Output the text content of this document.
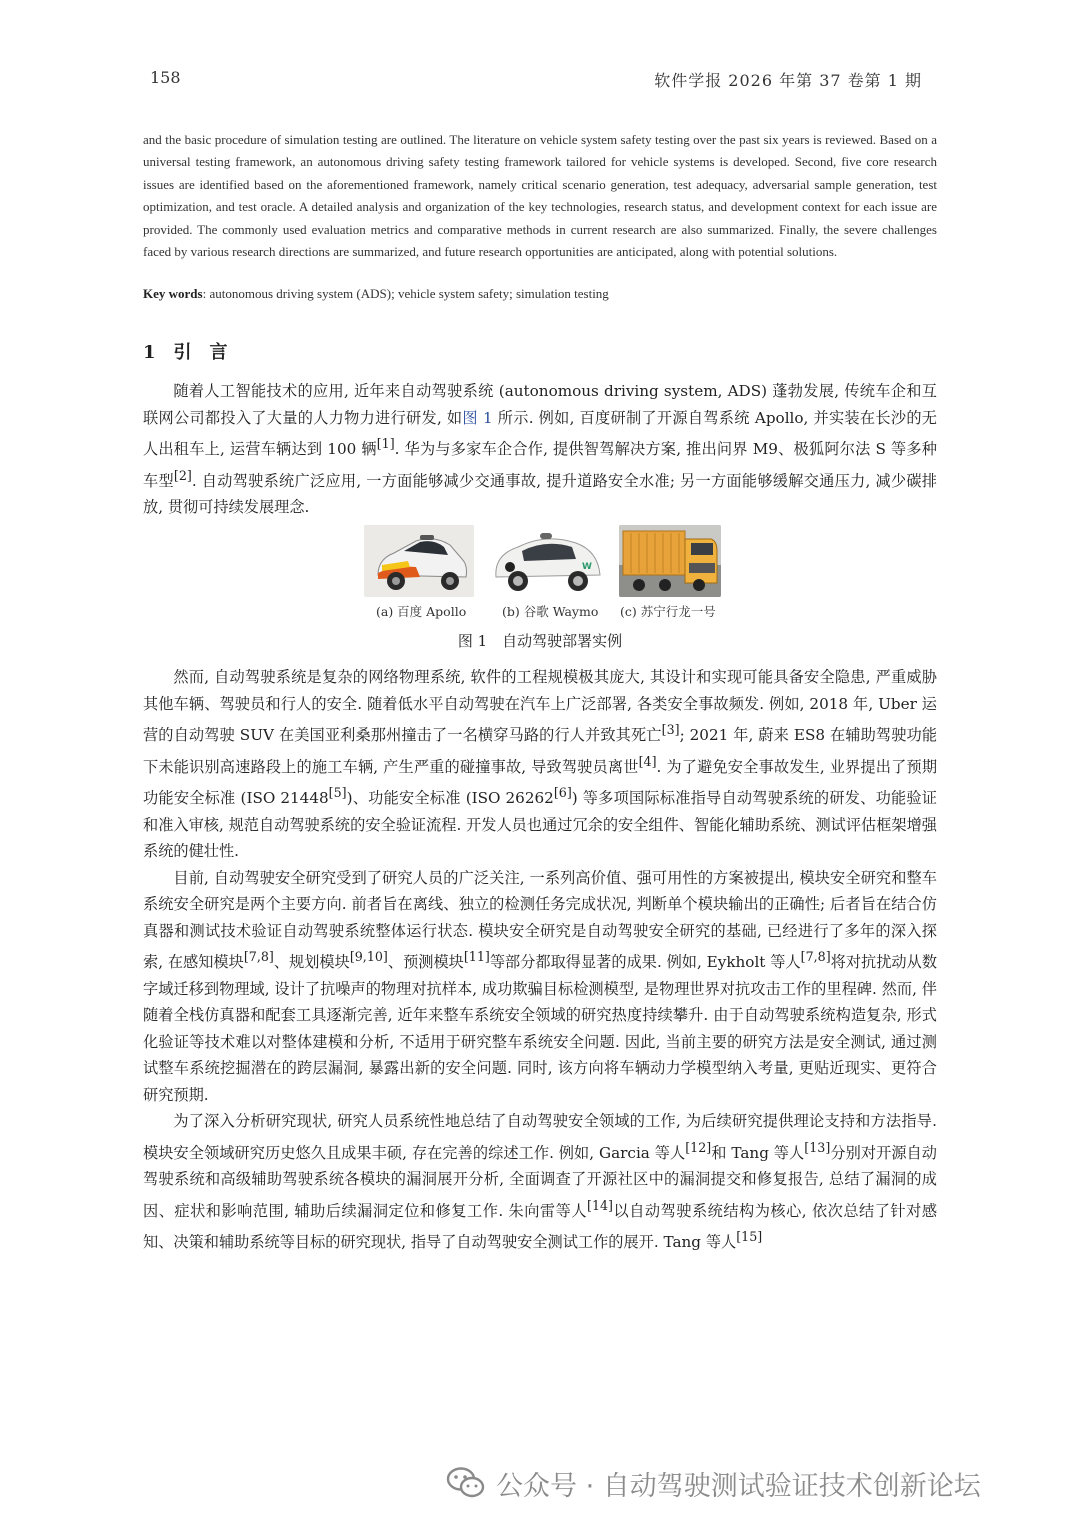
158	软件学报 2026 年第 37 卷第 1 期
and the basic procedure of simulation testing are outlined. The literature on vehicle system safety testing over the past six years is reviewed. Based on a universal testing framework, an autonomous driving safety testing framework tailored for vehicle systems is developed. Second, five core research issues are identified based on the aforementioned framework, namely critical scenario generation, test adequacy, adversarial sample generation, test optimization, and test oracle. A detailed analysis and organization of the key technologies, research status, and development context for each issue are provided. The commonly used evaluation metrics and comparative methods in current research are also summarized. Finally, the severe challenges faced by various research directions are summarized, and future research opportunities are anticipated, along with potential solutions.
Key words: autonomous driving system (ADS); vehicle system safety; simulation testing
1 引　言

随着人工智能技术的应用, 近年来自动驾驶系统 (autonomous driving system, ADS) 蓬勃发展, 传统车企和互联网公司都投入了大量的人力物力进行研发, 如图 1 所示. 例如, 百度研制了开源自驾系统 Apollo, 并实装在长沙的无人出租车上, 运营车辆达到 100 辆[1]. 华为与多家车企合作, 提供智驾解决方案, 推出问界 M9、极狐阿尔法 S 等多种车型[2]. 自动驾驶系统广泛应用, 一方面能够减少交通事故, 提升道路安全水准; 另一方面能够缓解交通压力, 减少碳排放, 贯彻可持续发展理念.

W
(a) 百度 Apollo	(b) 谷歌 Waymo (c) 苏宁行龙一号
图 1　自动驾驶部署实例

然而, 自动驾驶系统是复杂的网络物理系统, 软件的工程规模极其庞大, 其设计和实现可能具备安全隐患, 严重威胁其他车辆、驾驶员和行人的安全. 随着低水平自动驾驶在汽车上广泛部署, 各类安全事故频发. 例如, 2018 年, Uber 运营的自动驾驶 SUV 在美国亚利桑那州撞击了一名横穿马路的行人并致其死亡[3]; 2021 年, 蔚来 ES8 在辅助驾驶功能下未能识别高速路段上的施工车辆, 产生严重的碰撞事故, 导致驾驶员离世[4]. 为了避免安全事故发生, 业界提出了预期功能安全标准 (ISO 21448[5])、功能安全标准 (ISO 26262[6]) 等多项国际标准指导自动驾驶系统的研发、功能验证和准入审核, 规范自动驾驶系统的安全验证流程. 开发人员也通过冗余的安全组件、智能化辅助系统、测试评估框架增强系统的健壮性.

目前, 自动驾驶安全研究受到了研究人员的广泛关注, 一系列高价值、强可用性的方案被提出, 模块安全研究和整车系统安全研究是两个主要方向. 前者旨在离线、独立的检测任务完成状况, 判断单个模块输出的正确性; 后者旨在结合仿真器和测试技术验证自动驾驶系统整体运行状态. 模块安全研究是自动驾驶安全研究的基础, 已经进行了多年的深入探索, 在感知模块[7,8]、规划模块[9,10]、预测模块[11]等部分都取得显著的成果. 例如, Eykholt 等人[7,8]将对抗扰动从数字域迁移到物理域, 设计了抗噪声的物理对抗样本, 成功欺骗目标检测模型, 是物理世界对抗攻击工作的里程碑. 然而, 伴随着全栈仿真器和配套工具逐渐完善, 近年来整车系统安全领域的研究热度持续攀升. 由于自动驾驶系统构造复杂, 形式化验证等技术难以对整体建模和分析, 不适用于研究整车系统安全问题. 因此, 当前主要的研究方法是安全测试, 通过测试整车系统挖掘潜在的跨层漏洞, 暴露出新的安全问题. 同时, 该方向将车辆动力学模型纳入考量, 更贴近现实、更符合研究预期.

为了深入分析研究现状, 研究人员系统性地总结了自动驾驶安全领域的工作, 为后续研究提供理论支持和方法指导. 模块安全领域研究历史悠久且成果丰硕, 存在完善的综述工作. 例如, Garcia 等人[12]和 Tang 等人[13]分别对开源自动驾驶系统和高级辅助驾驶系统各模块的漏洞展开分析, 全面调查了开源社区中的漏洞提交和修复报告, 总结了漏洞的成因、症状和影响范围, 辅助后续漏洞定位和修复工作. 朱向雷等人[14]以自动驾驶系统结构为核心, 依次总结了针对感知、决策和辅助系统等目标的研究现状, 指导了自动驾驶安全测试工作的展开. Tang 等人[15]

公众号 · 自动驾驶测试验证技术创新论坛
